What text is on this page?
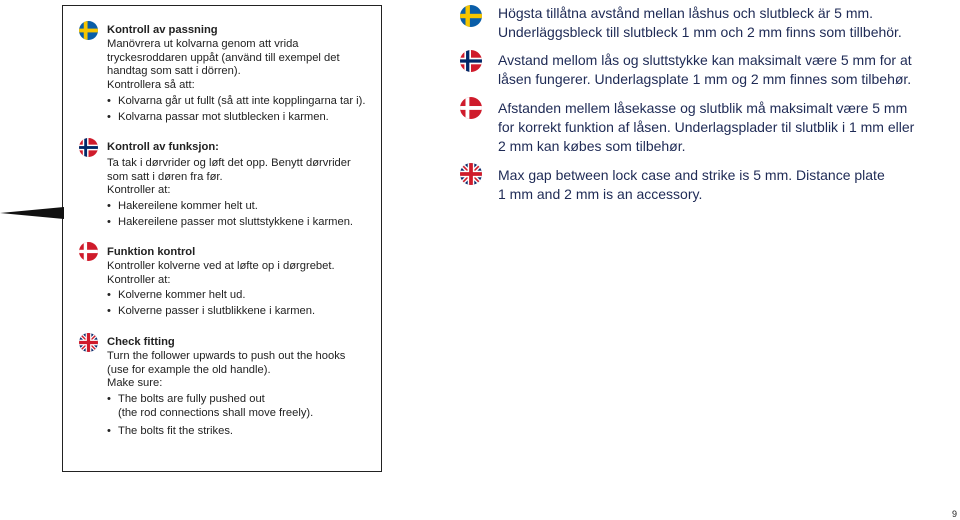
Kontroll av passning
Manövrera ut kolvarna genom att vrida
tryckesroddaren uppåt (använd till exempel det
handtag som satt i dörren).
Kontrollera så att:
• Kolvarna går ut fullt (så att inte kopplingarna tar i).
• Kolvarna passar mot slutblecken i karmen.
Kontroll av funksjon:
Ta tak i dørvrider og løft det opp. Benytt dørvrider
som satt i døren fra før.
Kontroller at:
• Hakereilene kommer helt ut.
• Hakereilene passer mot sluttstykkene i karmen.
Funktion kontrol
Kontroller kolverne ved at løfte op i dørgrebet.
Kontroller at:
• Kolverne kommer helt ud.
• Kolverne passer i slutblikkene i karmen.
Check fitting
Turn the follower upwards to push out the hooks
(use for example the old handle).
Make sure:
• The bolts are fully pushed out
(the rod connections shall move freely).
• The bolts fit the strikes.
Högsta tillåtna avstånd mellan låshus och slutbleck är 5 mm.
Underläggsbleck till slutbleck 1 mm och 2 mm finns som tillbehör.
Avstand mellom lås og sluttstykke kan maksimalt være 5 mm for at
låsen fungerer. Underlagsplate 1 mm og 2 mm finnes som tilbehør.
Afstanden mellem låsekasse og slutblik må maksimalt være 5 mm
for korrekt funktion af låsen. Underlagsplader til slutblik i 1 mm eller
2 mm kan købes som tilbehør.
Max gap between lock case and strike is 5 mm. Distance plate
1 mm and 2 mm is an accessory.
9
